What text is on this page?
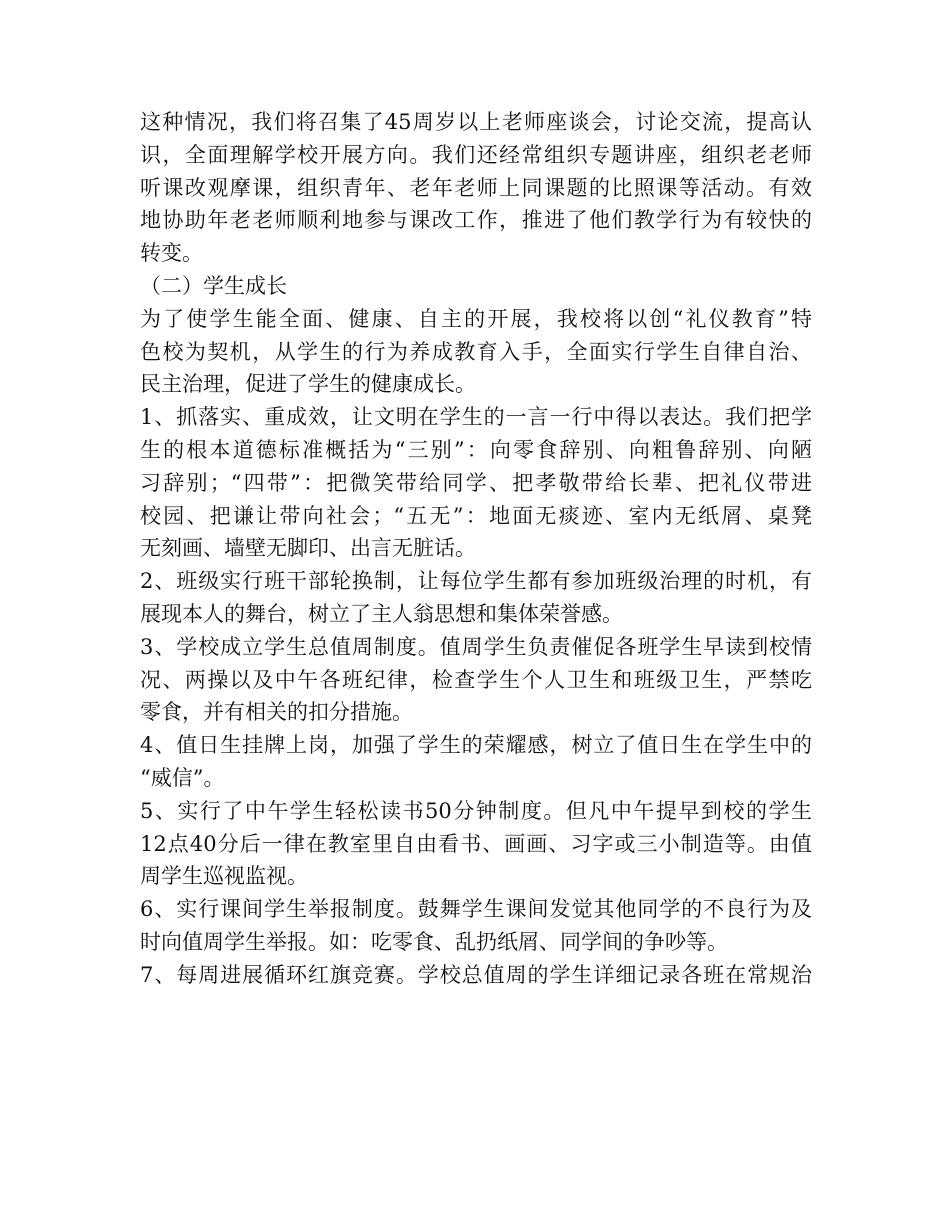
这种情况，我们将召集了45周岁以上老师座谈会，讨论交流，提高认
识，全面理解学校开展方向。我们还经常组织专题讲座，组织老老师
听课改观摩课，组织青年、老年老师上同课题的比照课等活动。有效
地协助年老老师顺利地参与课改工作，推进了他们教学行为有较快的
转变。
（二）学生成长
为了使学生能全面、健康、自主的开展，我校将以创“礼仪教育”特
色校为契机，从学生的行为养成教育入手，全面实行学生自律自治、
民主治理，促进了学生的健康成长。
1、抓落实、重成效，让文明在学生的一言一行中得以表达。我们把学
生的根本道德标准概括为“三别”：向零食辞别、向粗鲁辞别、向陋
习辞别；“四带”：把微笑带给同学、把孝敬带给长辈、把礼仪带进
校园、把谦让带向社会；“五无”：地面无痰迹、室内无纸屑、桌凳
无刻画、墙壁无脚印、出言无脏话。
2、班级实行班干部轮换制，让每位学生都有参加班级治理的时机，有
展现本人的舞台，树立了主人翁思想和集体荣誉感。
3、学校成立学生总值周制度。值周学生负责催促各班学生早读到校情
况、两操以及中午各班纪律，检查学生个人卫生和班级卫生，严禁吃
零食，并有相关的扣分措施。
4、值日生挂牌上岗，加强了学生的荣耀感，树立了值日生在学生中的
“威信”。
5、实行了中午学生轻松读书50分钟制度。但凡中午提早到校的学生
12点40分后一律在教室里自由看书、画画、习字或三小制造等。由值
周学生巡视监视。
6、实行课间学生举报制度。鼓舞学生课间发觉其他同学的不良行为及
时向值周学生举报。如：吃零食、乱扔纸屑、同学间的争吵等。
7、每周进展循环红旗竞赛。学校总值周的学生详细记录各班在常规治
